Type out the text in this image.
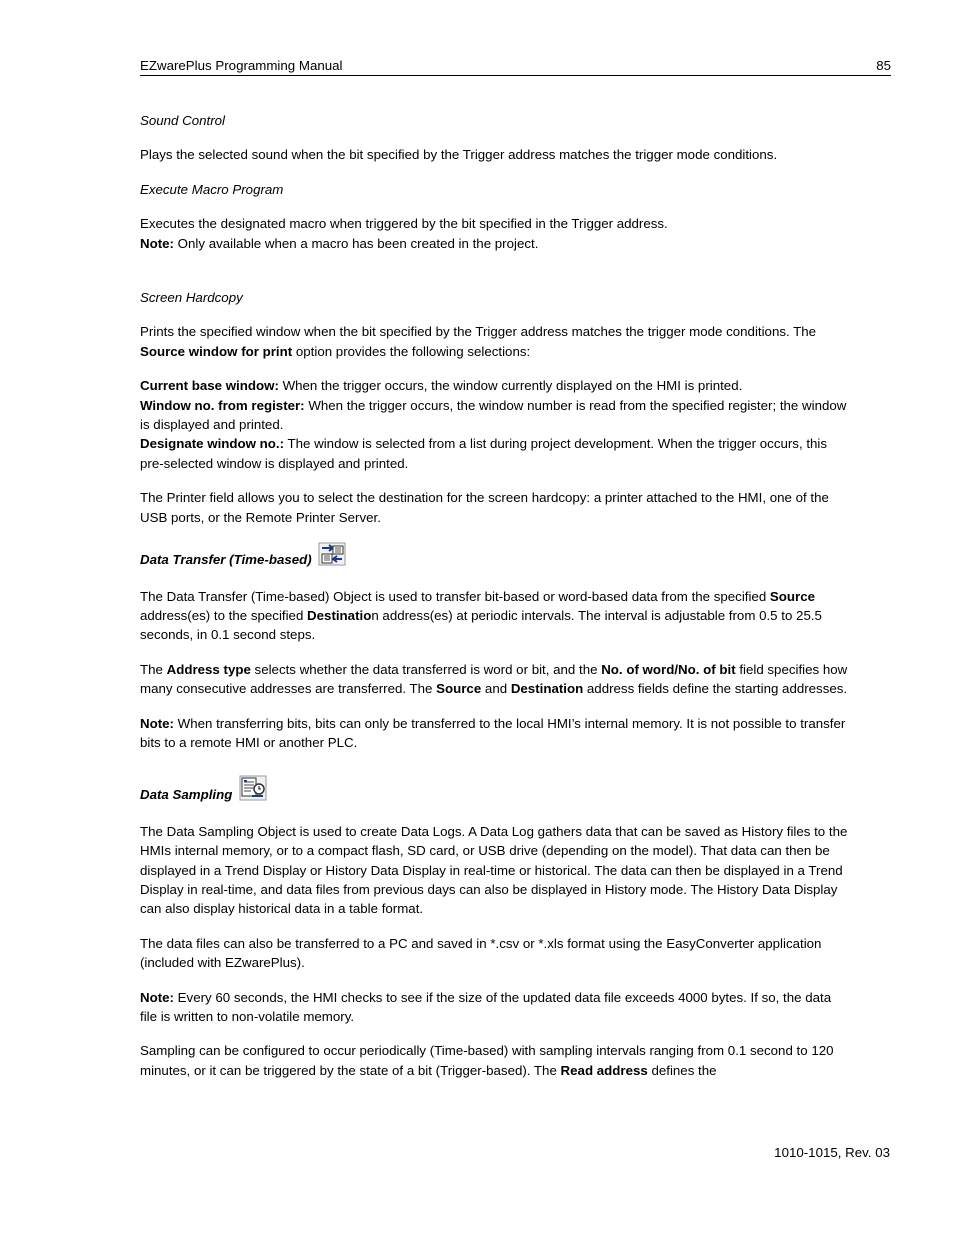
EZwarePlus Programming Manual	85

Sound Control

Plays the selected sound when the bit specified by the Trigger address matches the trigger mode conditions.

Execute Macro Program

Executes the designated macro when triggered by the bit specified in the Trigger address.
Note: Only available when a macro has been created in the project.

Screen Hardcopy

Prints the specified window when the bit specified by the Trigger address matches the trigger mode conditions. The Source window for print option provides the following selections:

Current base window: When the trigger occurs, the window currently displayed on the HMI is printed.
Window no. from register: When the trigger occurs, the window number is read from the specified register; the window is displayed and printed.
Designate window no.: The window is selected from a list during project development. When the trigger occurs, this pre-selected window is displayed and printed.

The Printer field allows you to select the destination for the screen hardcopy: a printer attached to the HMI, one of the USB ports, or the Remote Printer Server.

Data Transfer (Time-based)

The Data Transfer (Time-based) Object is used to transfer bit-based or word-based data from the specified Source address(es) to the specified Destination address(es) at periodic intervals. The interval is adjustable from 0.5 to 25.5 seconds, in 0.1 second steps.

The Address type selects whether the data transferred is word or bit, and the No. of word/No. of bit field specifies how many consecutive addresses are transferred. The Source and Destination address fields define the starting addresses.

Note: When transferring bits, bits can only be transferred to the local HMI’s internal memory. It is not possible to transfer bits to a remote HMI or another PLC.

Data Sampling

The Data Sampling Object is used to create Data Logs. A Data Log gathers data that can be saved as History files to the HMIs internal memory, or to a compact flash, SD card, or USB drive (depending on the model). That data can then be displayed in a Trend Display or History Data Display in real-time or historical. The data can then be displayed in a Trend Display in real-time, and data files from previous days can also be displayed in History mode. The History Data Display can also display historical data in a table format.

The data files can also be transferred to a PC and saved in *.csv or *.xls format using the EasyConverter application (included with EZwarePlus).

Note: Every 60 seconds, the HMI checks to see if the size of the updated data file exceeds 4000 bytes. If so, the data file is written to non-volatile memory.

Sampling can be configured to occur periodically (Time-based) with sampling intervals ranging from 0.1 second to 120 minutes, or it can be triggered by the state of a bit (Trigger-based). The Read address defines the

1010-1015, Rev. 03
